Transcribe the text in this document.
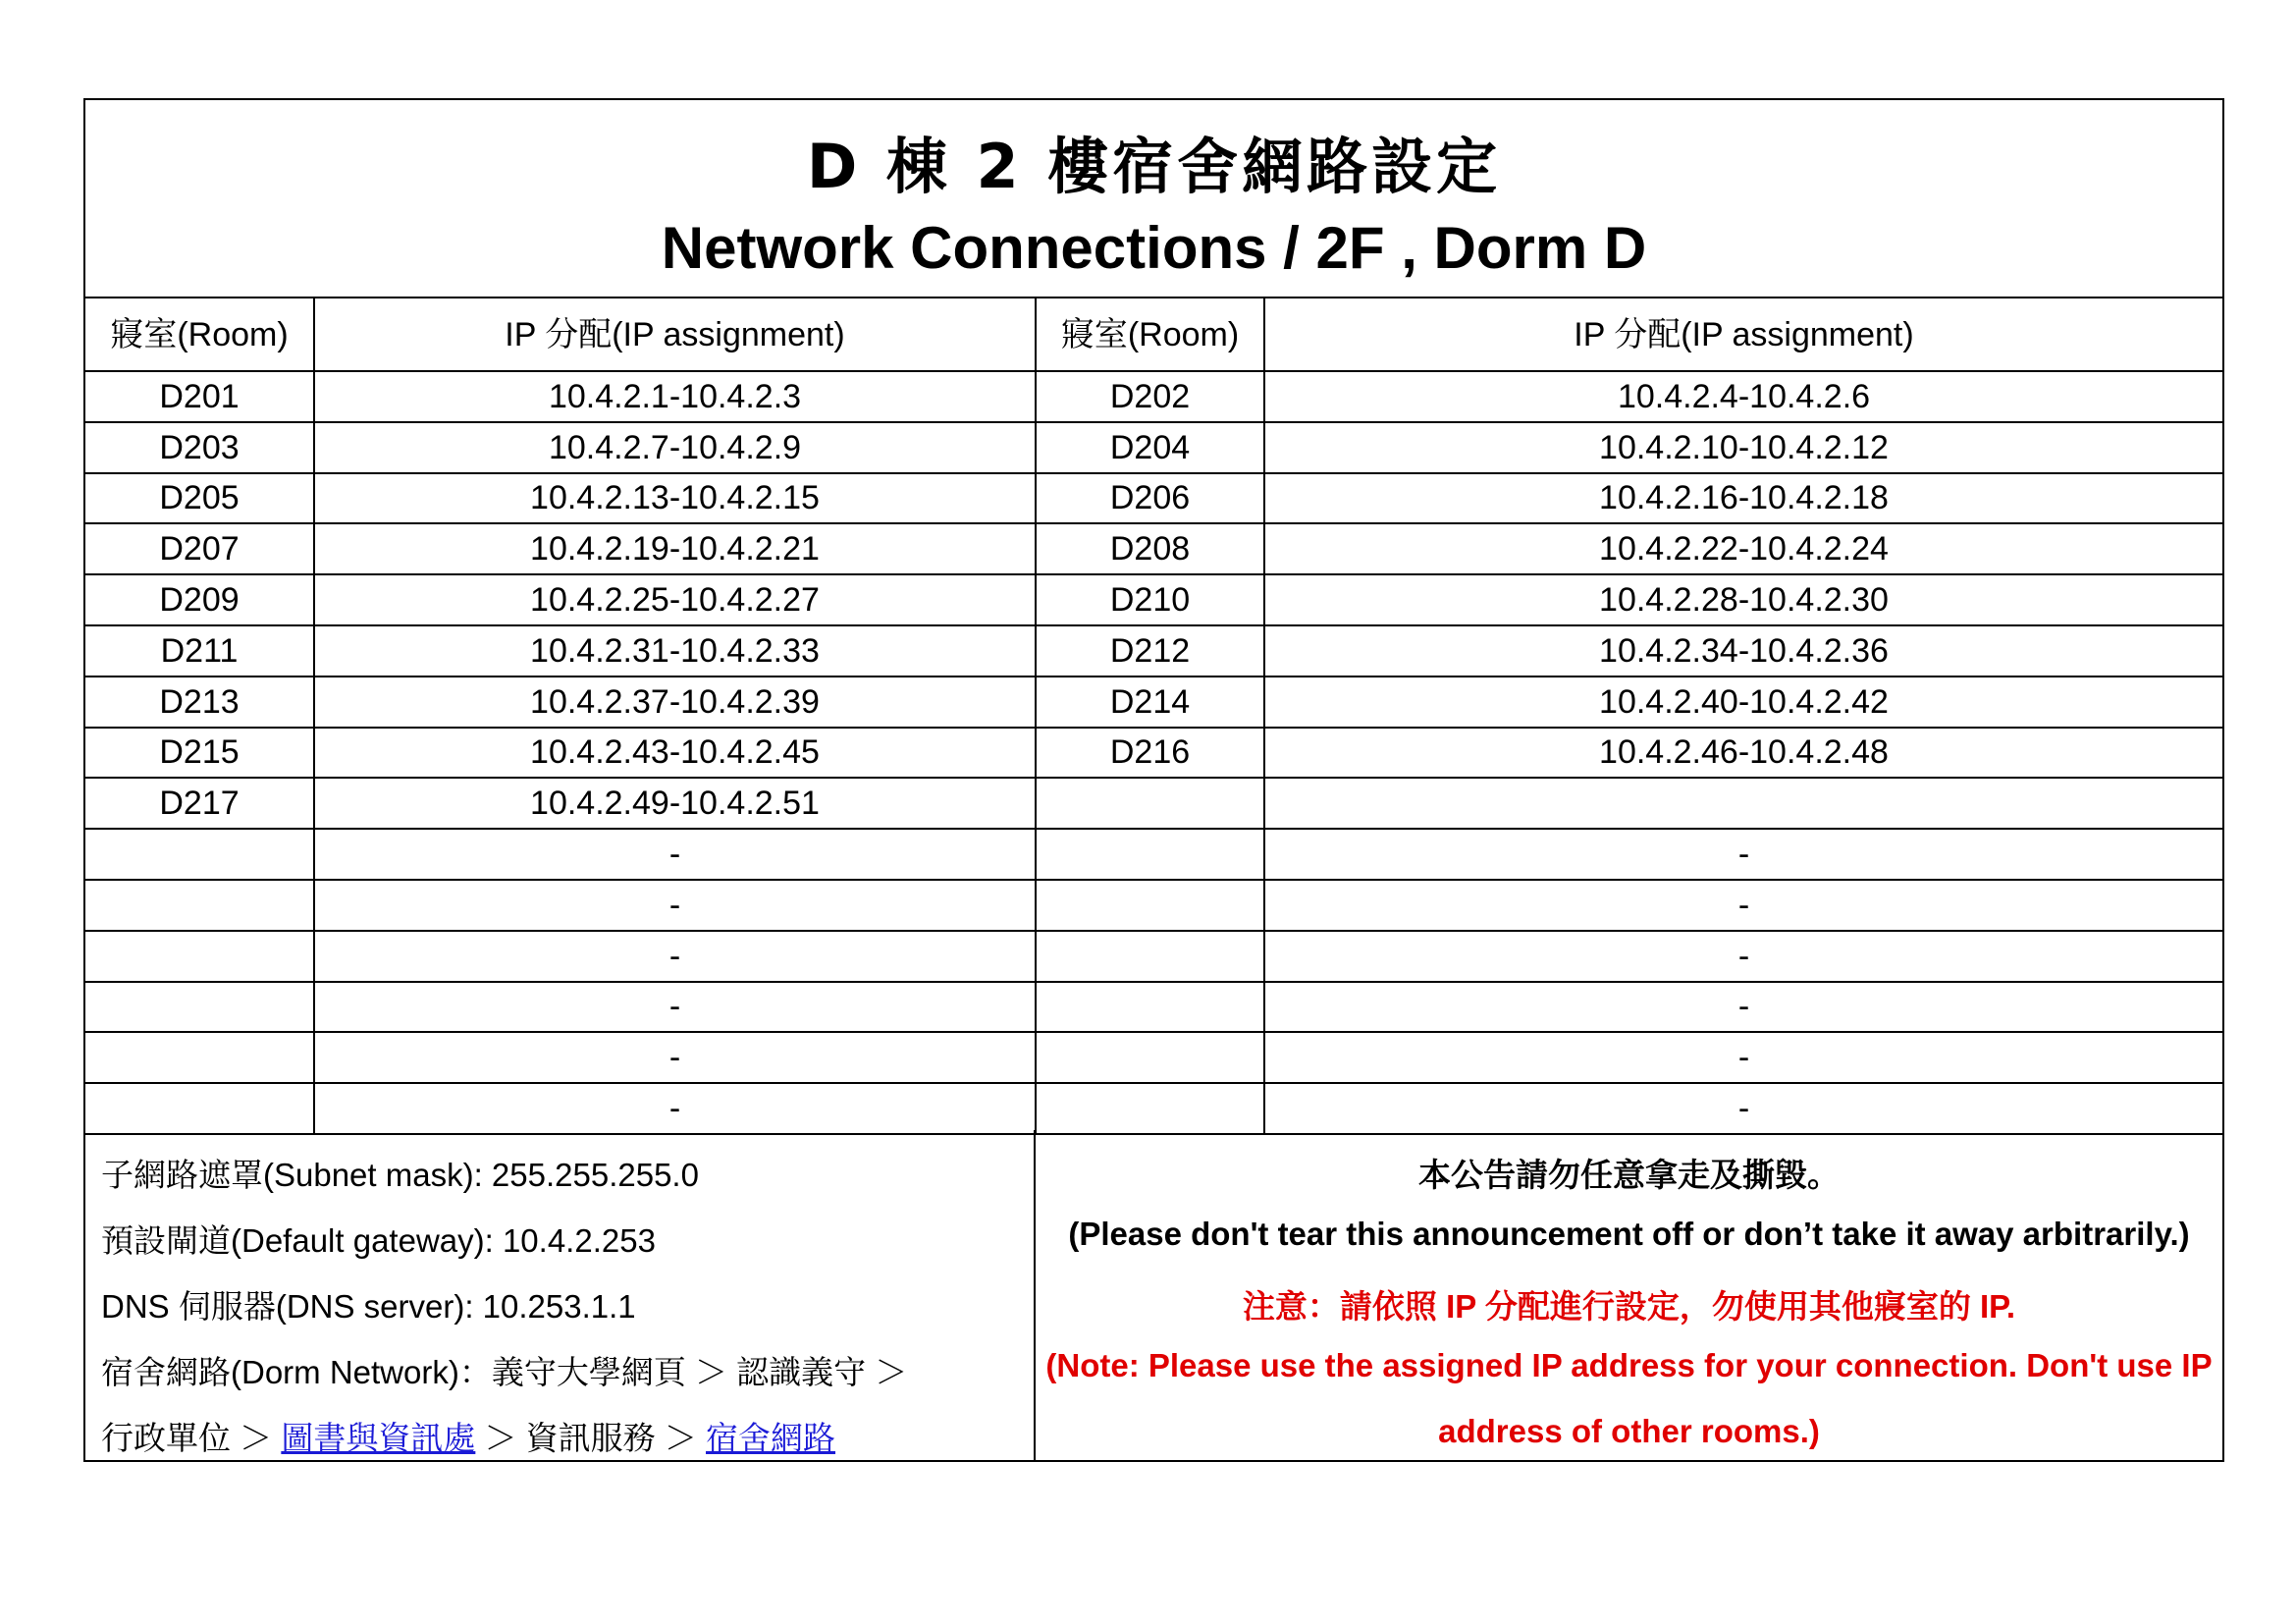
D 棟 2 樓宿舍網路設定
Network Connections / 2F , Dorm D
寢室(Room)	IP 分配(IP assignment)	寢室(Room)	IP 分配(IP assignment)
D201	10.4.2.1-10.4.2.3	D202	10.4.2.4-10.4.2.6
D203	10.4.2.7-10.4.2.9	D204	10.4.2.10-10.4.2.12
D205	10.4.2.13-10.4.2.15	D206	10.4.2.16-10.4.2.18
D207	10.4.2.19-10.4.2.21	D208	10.4.2.22-10.4.2.24
D209	10.4.2.25-10.4.2.27	D210	10.4.2.28-10.4.2.30
D211	10.4.2.31-10.4.2.33	D212	10.4.2.34-10.4.2.36
D213	10.4.2.37-10.4.2.39	D214	10.4.2.40-10.4.2.42
D215	10.4.2.43-10.4.2.45	D216	10.4.2.46-10.4.2.48
D217	10.4.2.49-10.4.2.51		
	-		-
	-		-
	-		-
	-		-
	-		-
	-		-
子網路遮罩(Subnet mask): 255.255.255.0
預設閘道(Default gateway): 10.4.2.253
DNS 伺服器(DNS server): 10.253.1.1
宿舍網路(Dorm Network)：義守大學網頁 ＞ 認識義守 ＞
行政單位 ＞ 圖書與資訊處 ＞ 資訊服務 ＞ 宿舍網路
本公告請勿任意拿走及撕毀。
(Please don't tear this announcement off or don’t take it away arbitrarily.)
注意：請依照 IP 分配進行設定，勿使用其他寢室的 IP.
(Note: Please use the assigned IP address for your connection. Don't use IP
address of other rooms.)
